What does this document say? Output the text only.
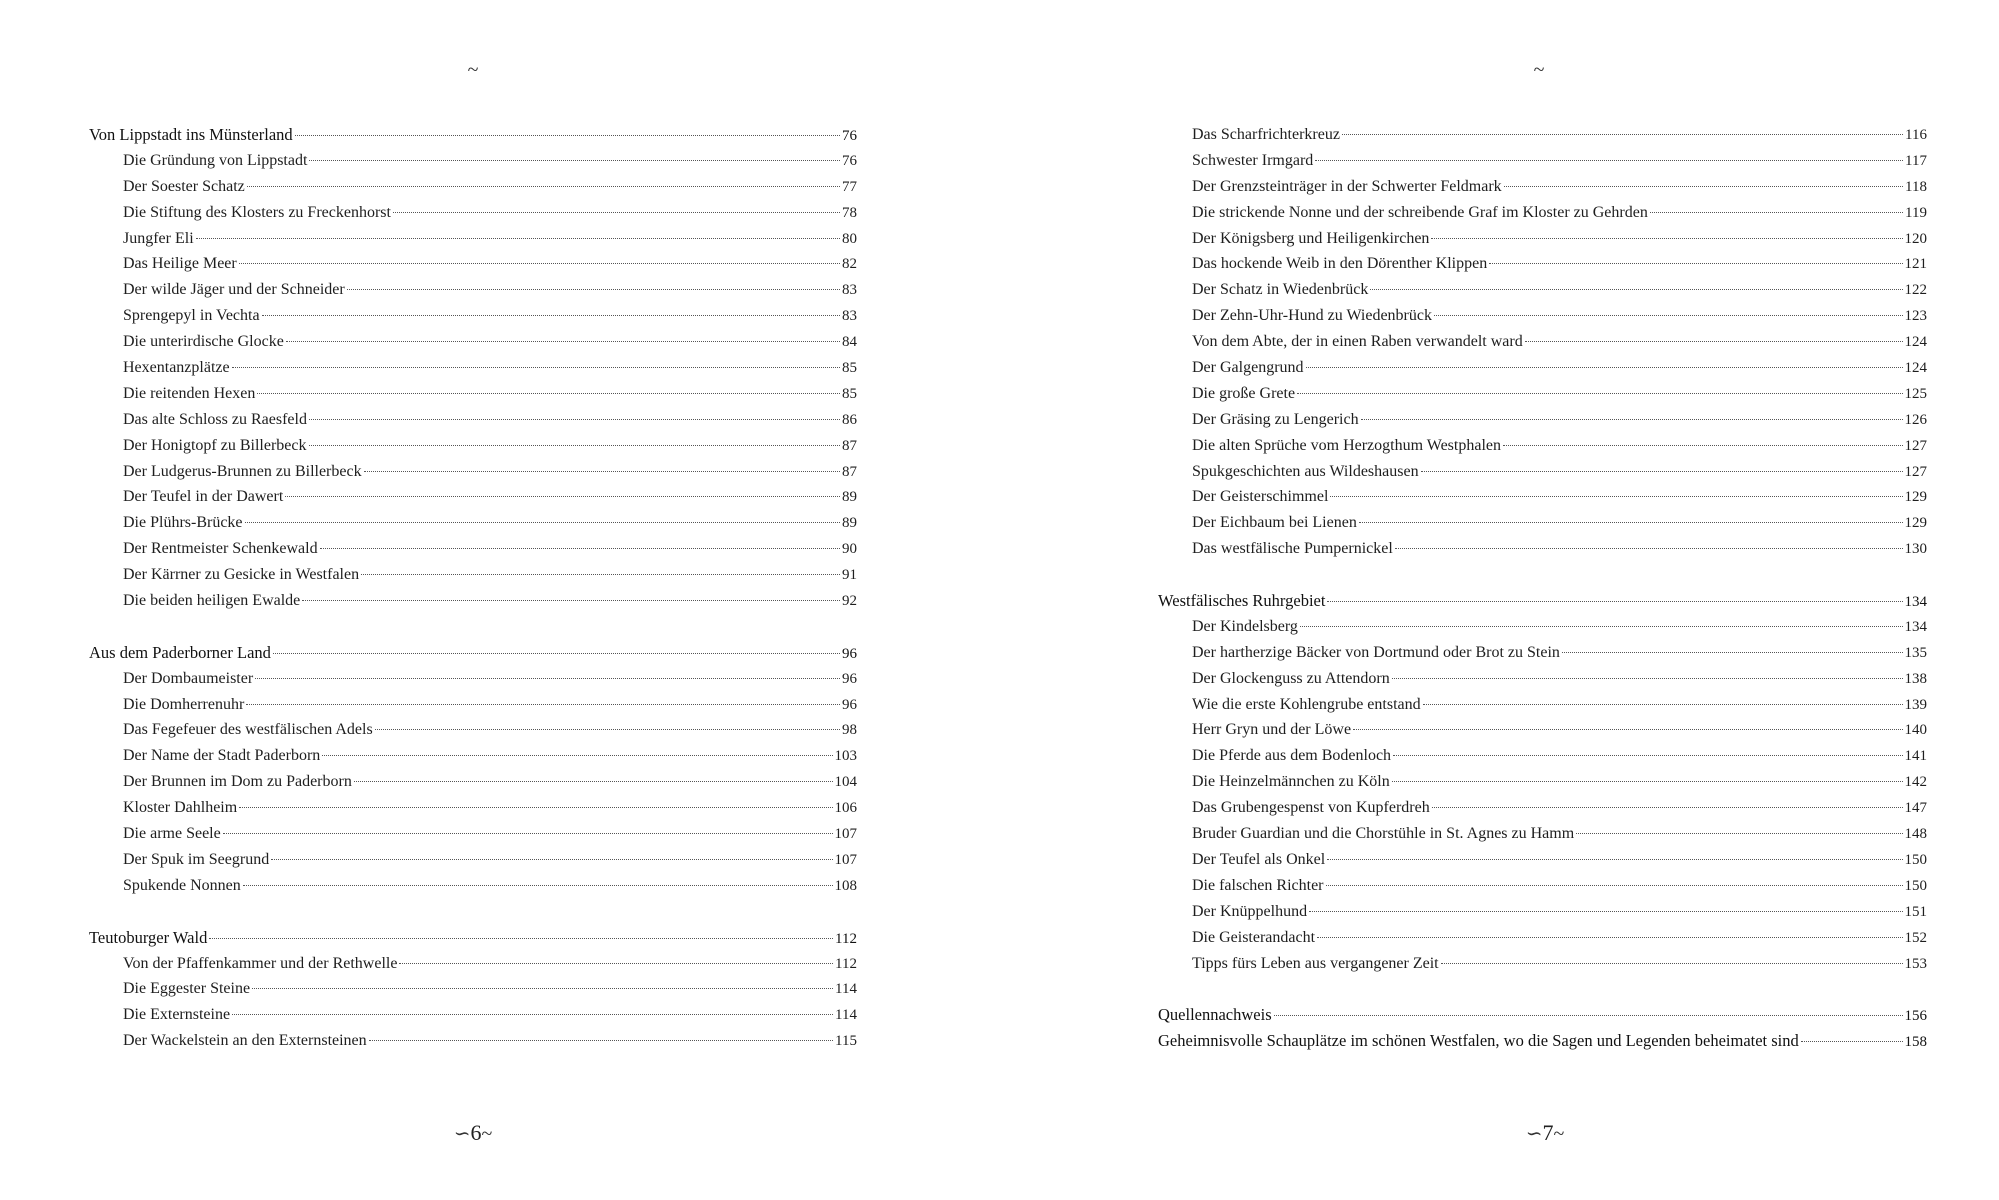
~
Von Lippstadt ins Münsterland	76
Die Gründung von Lippstadt	76
Der Soester Schatz	77
Die Stiftung des Klosters zu Freckenhorst	78
Jungfer Eli	80
Das Heilige Meer	82
Der wilde Jäger und der Schneider	83
Sprengepyl in Vechta	83
Die unterirdische Glocke	84
Hexentanzplätze	85
Die reitenden Hexen	85
Das alte Schloss zu Raesfeld	86
Der Honigtopf zu Billerbeck	87
Der Ludgerus-Brunnen zu Billerbeck	87
Der Teufel in der Dawert	89
Die Plührs-Brücke	89
Der Rentmeister Schenkewald	90
Der Kärrner zu Gesicke in Westfalen	91
Die beiden heiligen Ewalde	92
Aus dem Paderborner Land	96
Der Dombaumeister	96
Die Domherrenuhr	96
Das Fegefeuer des westfälischen Adels	98
Der Name der Stadt Paderborn	103
Der Brunnen im Dom zu Paderborn	104
Kloster Dahlheim	106
Die arme Seele	107
Der Spuk im Seegrund	107
Spukende Nonnen	108
Teutoburger Wald	112
Von der Pfaffenkammer und der Rethwelle	112
Die Eggester Steine	114
Die Externsteine	114
Der Wackelstein an den Externsteinen	115
∽6~
~
Das Scharfrichterkreuz	116
Schwester Irmgard	117
Der Grenzsteinträger in der Schwerter Feldmark	118
Die strickende Nonne und der schreibende Graf im Kloster zu Gehrden	119
Der Königsberg und Heiligenkirchen	120
Das hockende Weib in den Dörenther Klippen	121
Der Schatz in Wiedenbrück	122
Der Zehn-Uhr-Hund zu Wiedenbrück	123
Von dem Abte, der in einen Raben verwandelt ward	124
Der Galgengrund	124
Die große Grete	125
Der Gräsing zu Lengerich	126
Die alten Sprüche vom Herzogthum Westphalen	127
Spukgeschichten aus Wildeshausen	127
Der Geisterschimmel	129
Der Eichbaum bei Lienen	129
Das westfälische Pumpernickel	130
Westfälisches Ruhrgebiet	134
Der Kindelsberg	134
Der hartherzige Bäcker von Dortmund oder Brot zu Stein	135
Der Glockenguss zu Attendorn	138
Wie die erste Kohlengrube entstand	139
Herr Gryn und der Löwe	140
Die Pferde aus dem Bodenloch	141
Die Heinzelmännchen zu Köln	142
Das Grubengespenst von Kupferdreh	147
Bruder Guardian und die Chorstühle in St. Agnes zu Hamm	148
Der Teufel als Onkel	150
Die falschen Richter	150
Der Knüppelhund	151
Die Geisterandacht	152
Tipps fürs Leben aus vergangener Zeit	153
Quellennachweis	156
Geheimnisvolle Schauplätze im schönen Westfalen, wo die Sagen und Legenden beheimatet sind	158
∽7~
